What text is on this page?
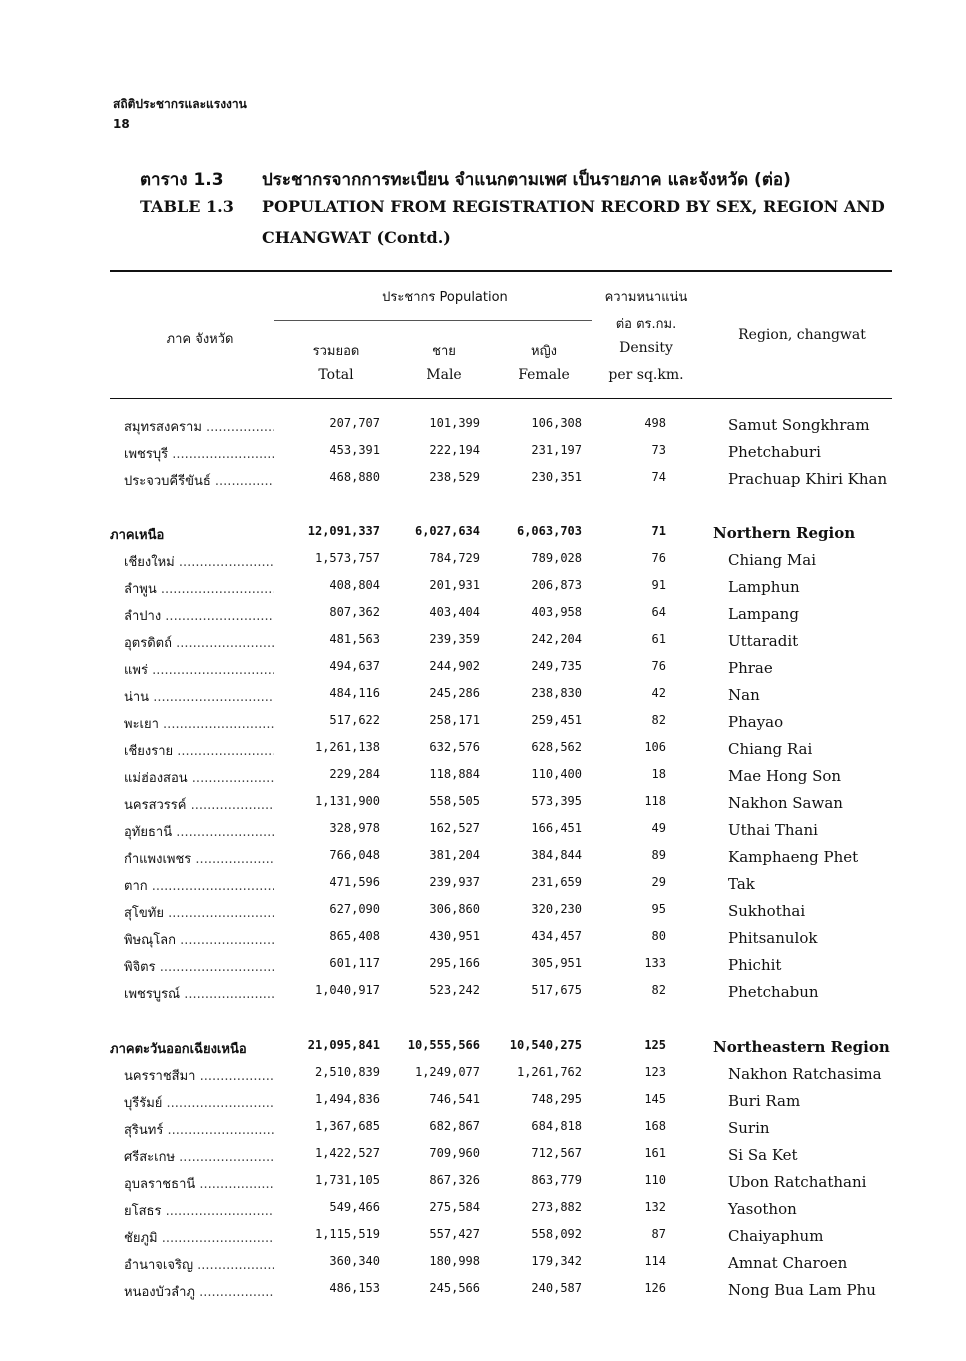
สถิติประชากรและแรงงาน
18
ตาราง 1.3 ประชากรจากการทะเบียน จำแนกตามเพศ เป็นรายภาค และจังหวัด (ต่อ)
TABLE 1.3 POPULATION FROM REGISTRATION RECORD BY SEX, REGION AND
CHANGWAT (Contd.)
ภาค จังหวัด
ประชากร Population	ความหนาแน่น
ต่อ ตร.กม.
รวมยอด
Total
ชาย
Male
หญิง
Female
Density
per sq.km.
Region, changwat
สมุทรสงคราม .....	207,707	101,399	106,308	498	Samut Songkhram
เพชรบุรี .....	453,391	222,194	231,197	73	Phetchaburi
ประจวบคีรีขันธ์ .....	468,880	238,529	230,351	74	Prachuap Khiri Khan
ภาคเหนือ	12,091,337	6,027,634	6,063,703	71	Northern Region
เชียงใหม่ .....	1,573,757	784,729	789,028	76	Chiang Mai
ลำพูน .....	408,804	201,931	206,873	91	Lamphun
ลำปาง .....	807,362	403,404	403,958	64	Lampang
อุตรดิตถ์ .....	481,563	239,359	242,204	61	Uttaradit
แพร่ .....	494,637	244,902	249,735	76	Phrae
น่าน .....	484,116	245,286	238,830	42	Nan
พะเยา .....	517,622	258,171	259,451	82	Phayao
เชียงราย .....	1,261,138	632,576	628,562	106	Chiang Rai
แม่ฮ่องสอน .....	229,284	118,884	110,400	18	Mae Hong Son
นครสวรรค์ .....	1,131,900	558,505	573,395	118	Nakhon Sawan
อุทัยธานี .....	328,978	162,527	166,451	49	Uthai Thani
กำแพงเพชร .....	766,048	381,204	384,844	89	Kamphaeng Phet
ตาก .....	471,596	239,937	231,659	29	Tak
สุโขทัย .....	627,090	306,860	320,230	95	Sukhothai
พิษณุโลก .....	865,408	430,951	434,457	80	Phitsanulok
พิจิตร .....	601,117	295,166	305,951	133	Phichit
เพชรบูรณ์ .....	1,040,917	523,242	517,675	82	Phetchabun
ภาคตะวันออกเฉียงเหนือ	21,095,841	10,555,566	10,540,275	125	Northeastern Region
นครราชสีมา .....	2,510,839	1,249,077	1,261,762	123	Nakhon Ratchasima
บุรีรัมย์ .....	1,494,836	746,541	748,295	145	Buri Ram
สุรินทร์ .....	1,367,685	682,867	684,818	168	Surin
ศรีสะเกษ .....	1,422,527	709,960	712,567	161	Si Sa Ket
อุบลราชธานี .....	1,731,105	867,326	863,779	110	Ubon Ratchathani
ยโสธร .....	549,466	275,584	273,882	132	Yasothon
ชัยภูมิ .....	1,115,519	557,427	558,092	87	Chaiyaphum
อำนาจเจริญ .....	360,340	180,998	179,342	114	Amnat Charoen
หนองบัวลำภู .....	486,153	245,566	240,587	126	Nong Bua Lam Phu
